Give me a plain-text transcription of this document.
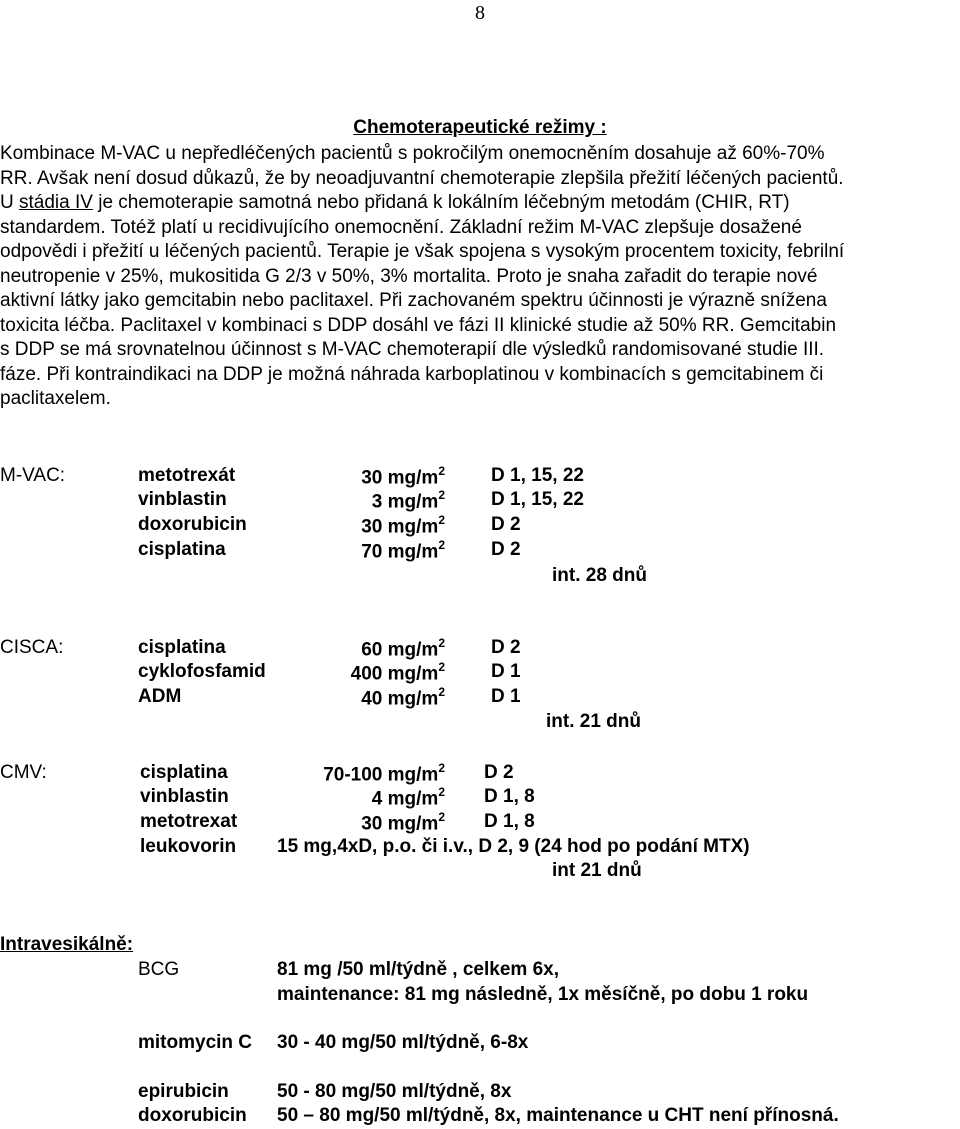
8
Chemoterapeutické režimy :
Kombinace M-VAC u nepředléčených pacientů s pokročilým onemocněním dosahuje až 60%-70%
RR. Avšak není dosud důkazů, že by neoadjuvantní chemoterapie zlepšila přežití léčených pacientů.
U stádia IV je chemoterapie samotná nebo přidaná k lokálním léčebným metodám (CHIR, RT)
standardem. Totéž platí u recidivujícího onemocnění. Základní režim M-VAC zlepšuje dosažené
odpovědi i přežití u léčených pacientů. Terapie je však spojena s vysokým procentem toxicity, febrilní
neutropenie v 25%, mukositida G 2/3 v 50%, 3% mortalita. Proto je snaha zařadit do terapie nové
aktivní látky jako gemcitabin nebo paclitaxel. Při zachovaném spektru účinnosti je výrazně snížena
toxicita léčba. Paclitaxel v kombinaci s DDP dosáhl ve fázi II klinické studie až 50% RR. Gemcitabin
s DDP se má srovnatelnou účinnost s M-VAC chemoterapií dle výsledků randomisované studie III.
fáze. Při kontraindikaci na DDP je možná náhrada karboplatinou v kombinacích s gemcitabinem či
paclitaxelem.
M-VAC:	metotrexát	30 $mg/m^2$ D 1, 15, 22
vinblastin	3 $mg/m^2$ D 1, 15, 22
doxorubicin	30 $mg/m^2$ D 2
cisplatina	70 $mg/m^2$ D 2
int. 28 dnů
CISCA:	cisplatina	60 $mg/m^2$ D 2
cyklofosfamid	400 $mg/m^2$ D 1
ADM	40 $mg/m^2$ D 1
int. 21 dnů
CMV:	cisplatina	70-100 $mg/m^2$ D 2
vinblastin	4 $mg/m^2$ D 1, 8
metotrexat	30 $mg/m^2$ D 1, 8
leukovorin 15 mg,4xD, p.o. či i.v., D 2, 9 (24 hod po podání MTX)
int 21 dnů
Intravesikálně:
BCG	81 mg /50 ml/týdně , celkem 6x,
maintenance: 81 mg následně, 1x měsíčně, po dobu 1 roku
mitomycin C 30 - 40 mg/50 ml/týdně, 6-8x
epirubicin	50 - 80 mg/50 ml/týdně, 8x
doxorubicin 50 – 80 mg/50 ml/týdně, 8x, maintenance u CHT není přínosná.
